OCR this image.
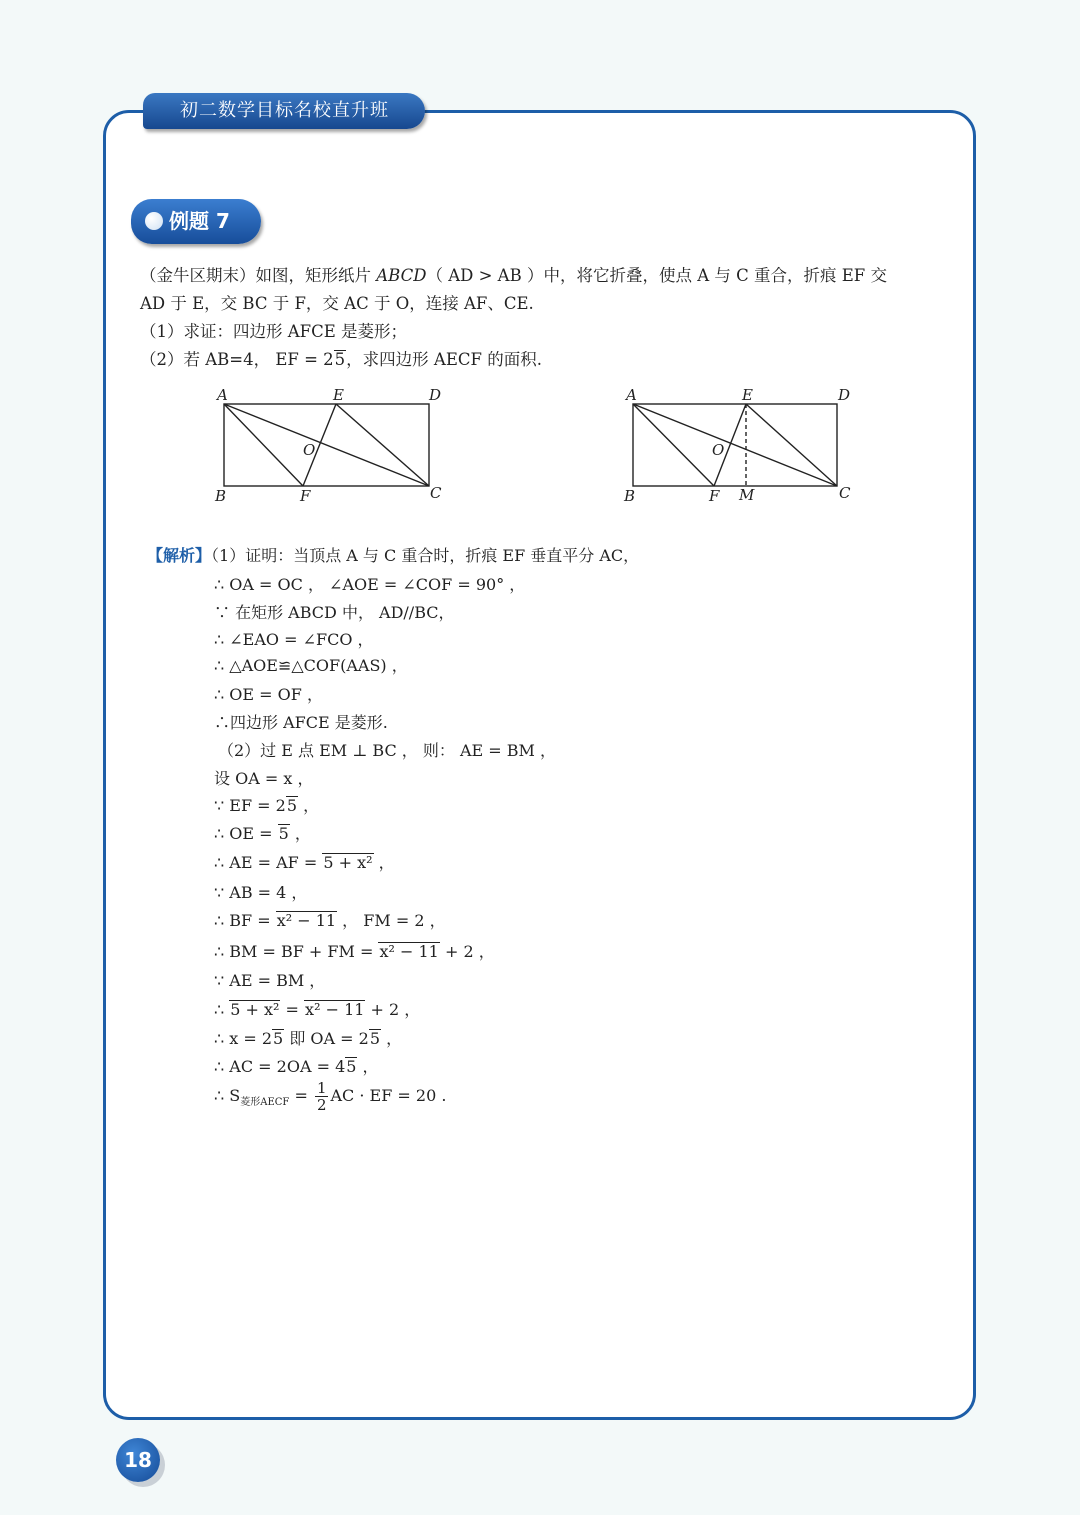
初二数学目标名校直升班
例题 7

（金牛区期末）如图，矩形纸片 ABCD（ AD > AB ）中，将它折叠，使点 A 与 C 重合，折痕 EF 交

AD 于 E，交 BC 于 F，交 AC 于 O，连接 AF、CE.

（1）求证：四边形 AFCE 是菱形；

（2）若 AB=4， EF = 25，求四边形 AECF 的面积.

A	E	D
O
B	F	C
A	E	D
O
B	F M	C
【解析】（1）证明：当顶点 A 与 C 重合时，折痕 EF 垂直平分 AC，
∴ OA = OC ， ∠AOE = ∠COF = 90° ，
∵ 在矩形 ABCD 中， AD//BC，
∴ ∠EAO = ∠FCO ，
∴ △AOE≌△COF(AAS) ，
∴ OE = OF ，
∴四边形 AFCE 是菱形.
（2）过 E 点 EM ⊥ BC ， 则： AE = BM ，
设 OA = x ，
∵ EF = 25 ，
∴ OE = 5 ，
∴ AE = AF = 5 + x² ，
∵ AB = 4 ，
∴ BF = x² − 11 ， FM = 2 ，
∴ BM = BF + FM = x² − 11 + 2 ，
∵ AE = BM ，
∴ 5 + x² = x² − 11 + 2 ，
∴ x = 25 即 OA = 25 ，
∴ AC = 2OA = 45 ，
∴ $S_{菱形AECF} = \frac{1}{2}$ AC · EF = 20 .
18
